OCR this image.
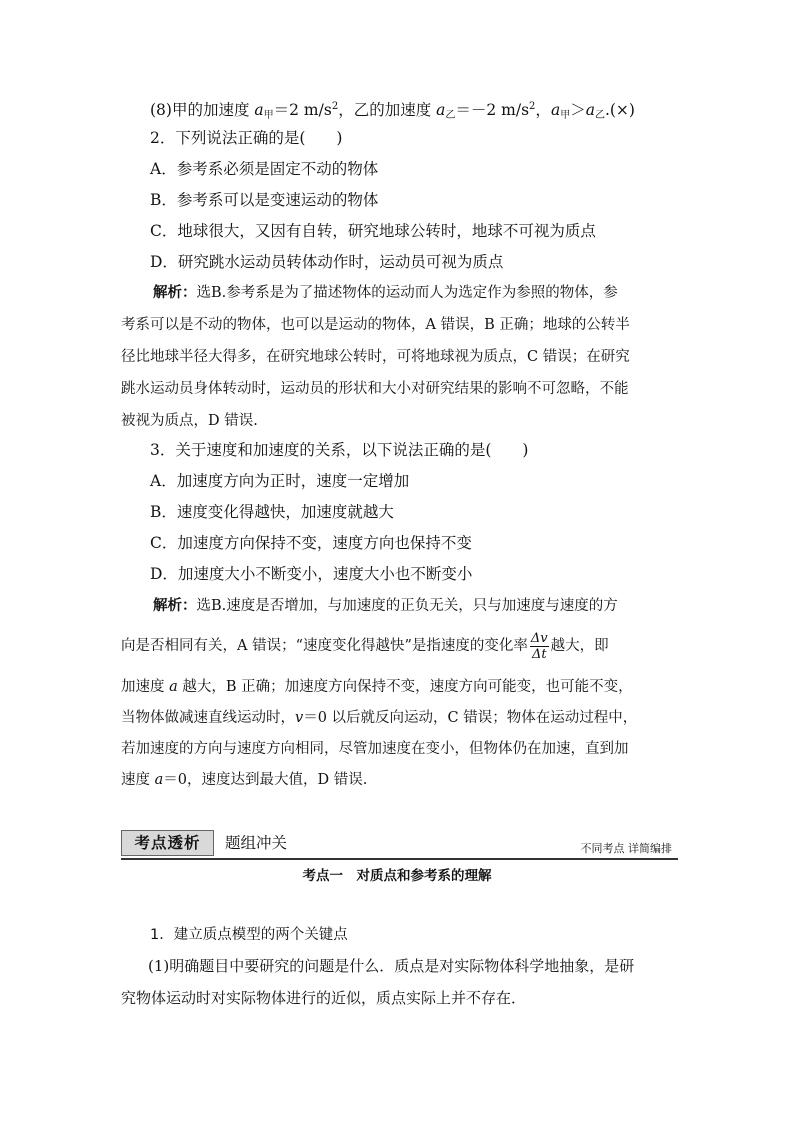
(8)甲的加速度 $a_甲=2$ $m/s^2$，乙的加速度 $a_乙=-2$ $m/s^2$，$a_甲>a_乙.(\times)$
2．下列说法正确的是(　　)
A．参考系必须是固定不动的物体
B．参考系可以是变速运动的物体
C．地球很大，又因有自转，研究地球公转时，地球不可视为质点
D．研究跳水运动员转体动作时，运动员可视为质点
解析：选B.参考系是为了描述物体的运动而人为选定作为参照的物体，参
考系可以是不动的物体，也可以是运动的物体，A 错误，B 正确；地球的公转半
径比地球半径大得多，在研究地球公转时，可将地球视为质点，C 错误；在研究
跳水运动员身体转动时，运动员的形状和大小对研究结果的影响不可忽略，不能
被视为质点，D 错误.
3．关于速度和加速度的关系，以下说法正确的是(　　)
A．加速度方向为正时，速度一定增加
B．速度变化得越快，加速度就越大
C．加速度方向保持不变，速度方向也保持不变
D．加速度大小不断变小，速度大小也不断变小
解析：选B.速度是否增加，与加速度的正负无关，只与加速度与速度的方
向是否相同有关，A 错误；“速度变化得越快”是指速度的变化率 $\frac{\Delta v}{\Delta t}$ 越大，即
加速度 a 越大，B 正确；加速度方向保持不变，速度方向可能变，也可能不变，
当物体做减速直线运动时，v＝0 以后就反向运动，C 错误；物体在运动过程中，
若加速度的方向与速度方向相同，尽管加速度在变小，但物体仍在加速，直到加
速度 a＝0，速度达到最大值，D 错误.
考点透析	题组冲关	不同考点 详简编排
考点一　对质点和参考系的理解
1．建立质点模型的两个关键点
(1)明确题目中要研究的问题是什么．质点是对实际物体科学地抽象，是研
究物体运动时对实际物体进行的近似，质点实际上并不存在．
